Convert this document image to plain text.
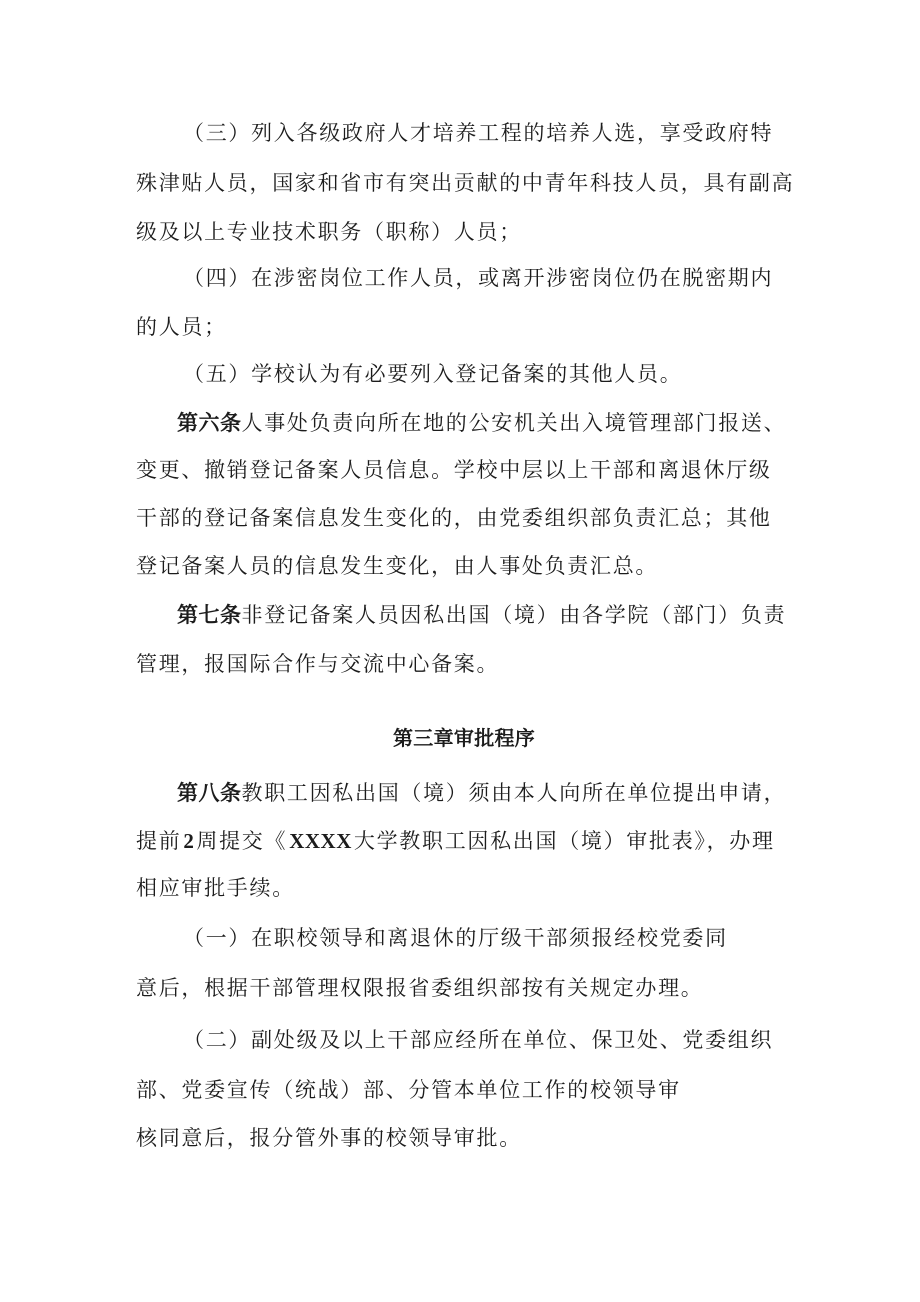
（三）列入各级政府人才培养工程的培养人选，享受政府特
殊津贴人员，国家和省市有突出贡献的中青年科技人员，具有副高
级及以上专业技术职务（职称）人员；
（四）在涉密岗位工作人员，或离开涉密岗位仍在脱密期内
的人员；
（五）学校认为有必要列入登记备案的其他人员。
第六条人事处负责向所在地的公安机关出入境管理部门报送、
变更、撤销登记备案人员信息。学校中层以上干部和离退休厅级
干部的登记备案信息发生变化的，由党委组织部负责汇总；其他
登记备案人员的信息发生变化，由人事处负责汇总。
第七条非登记备案人员因私出国（境）由各学院（部门）负责
管理，报国际合作与交流中心备案。
第三章审批程序
第八条教职工因私出国（境）须由本人向所在单位提出申请，
提前2周提交《XXXX大学教职工因私出国（境）审批表》，办理
相应审批手续。
（一）在职校领导和离退休的厅级干部须报经校党委同
意后，根据干部管理权限报省委组织部按有关规定办理。
（二）副处级及以上干部应经所在单位、保卫处、党委组织
部、党委宣传（统战）部、分管本单位工作的校领导审
核同意后，报分管外事的校领导审批。
